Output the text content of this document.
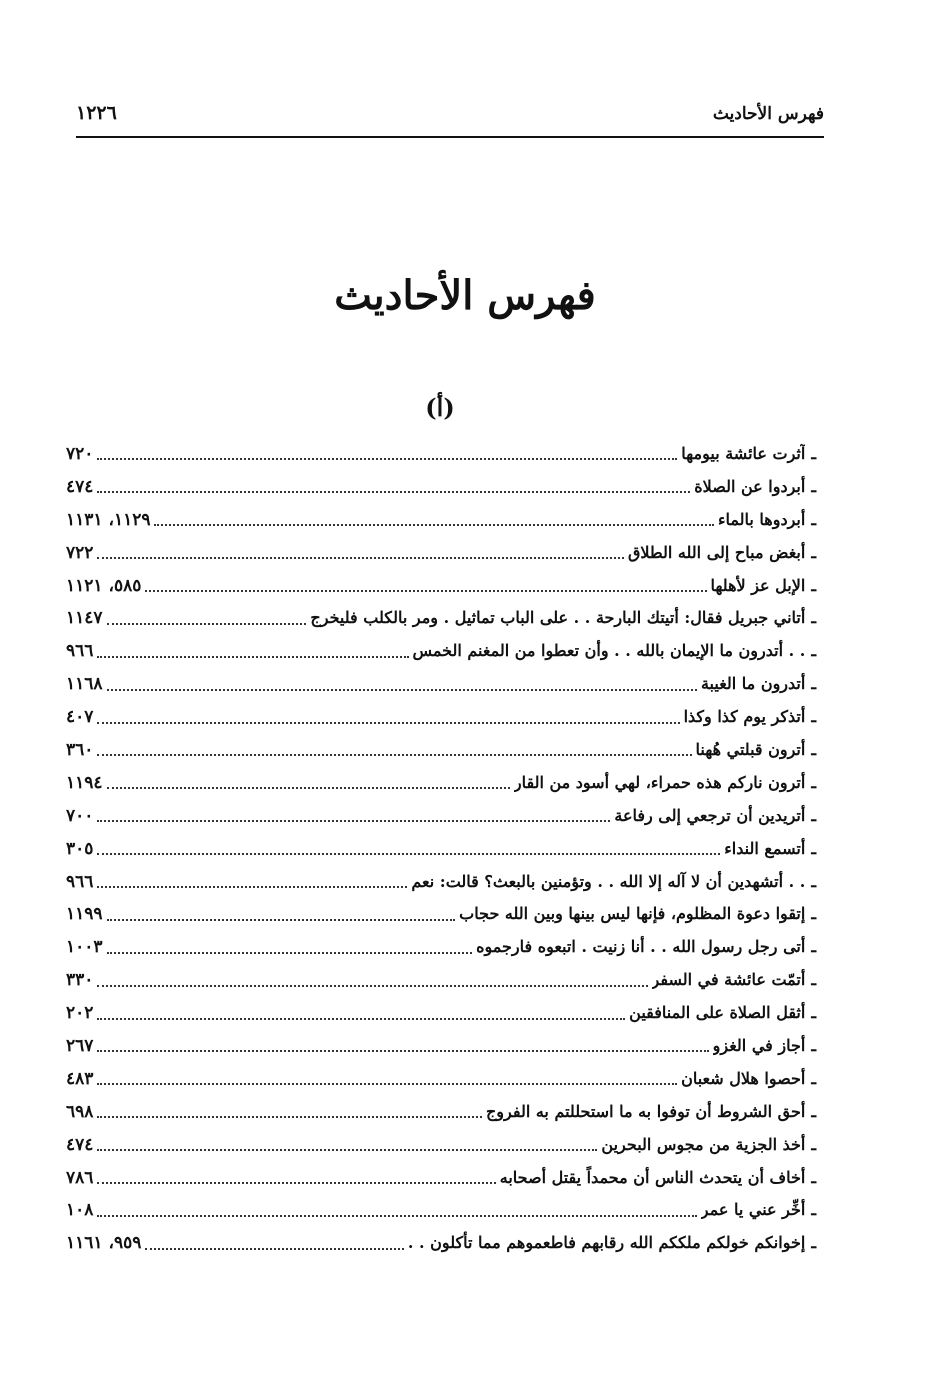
فهرس الأحاديث
١٢٢٦
فهرس الأحاديث
(أ)
ـ
آثرت عائشة بيومها
٧٢٠
ـ
أبردوا عن الصلاة
٤٧٤
ـ
أبردوها بالماء
١١٢٩، ١١٣١
ـ
أبغض مباح إلى الله الطلاق
٧٢٢
ـ
الإبل عز لأهلها
٥٨٥، ١١٢١
ـ
أتاني جبريل فقال: أتيتك البارحة . . على الباب تماثيل . ومر بالكلب فليخرج
١١٤٧
ـ
. . أتدرون ما الإيمان بالله . . وأن تعطوا من المغنم الخمس
٩٦٦
ـ
أتدرون ما الغيبة
١١٦٨
ـ
أتذكر يوم كذا وكذا
٤٠٧
ـ
أترون قبلتي هُهنا
٣٦٠
ـ
أترون ناركم هذه حمراء، لهي أسود من القار
١١٩٤
ـ
أتريدين أن ترجعي إلى رفاعة
٧٠٠
ـ
أتسمع النداء
٣٠٥
ـ
. . أتشهدين أن لا آله إلا الله . . وتؤمنين بالبعث؟ قالت: نعم
٩٦٦
ـ
إتقوا دعوة المظلوم، فإنها ليس بينها وبين الله حجاب
١١٩٩
ـ
أتى رجل رسول الله . . أنا زنيت . اتبعوه فارجموه
١٠٠٣
ـ
أتمّت عائشة في السفر
٣٣٠
ـ
أثقل الصلاة على المنافقين
٢٠٢
ـ
أجاز في الغزو
٢٦٧
ـ
أحصوا هلال شعبان
٤٨٣
ـ
أحق الشروط أن توفوا به ما استحللتم به الفروج
٦٩٨
ـ
أخذ الجزية من مجوس البحرين
٤٧٤
ـ
أخاف أن يتحدث الناس أن محمداً يقتل أصحابه
٧٨٦
ـ
أخِّر عني يا عمر
١٠٨
ـ
إخوانكم خولكم ملككم الله رقابهم فاطعموهم مما تأكلون . .
٩٥٩، ١١٦١
